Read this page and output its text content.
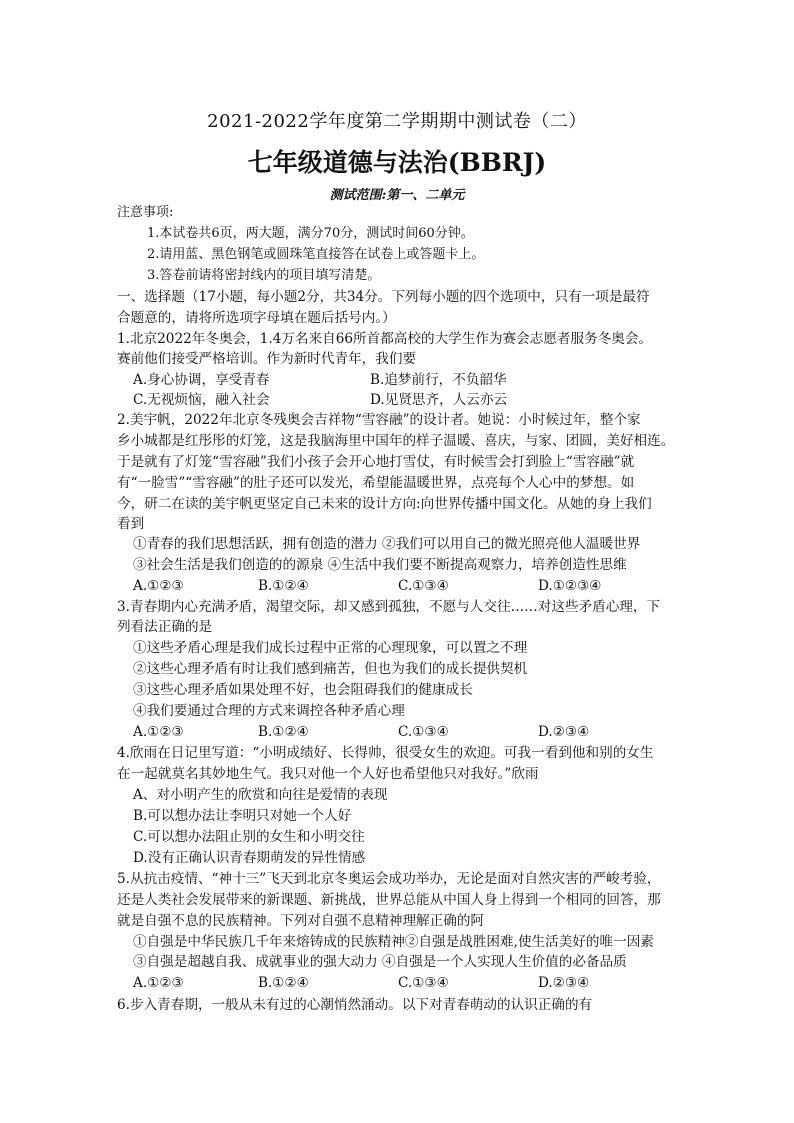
2021-2022学年度第二学期期中测试卷（二）
七年级道德与法治(BBRJ)
测试范围:第一、二单元
注意事项:
1.本试卷共6页，两大题，满分70分，测试时间60分钟。
2.请用蓝、黑色钢笔或圆珠笔直接答在试卷上或答题卡上。
3.答卷前请将密封线内的项目填写清楚。
一、选择题（17小题，每小题2分，共34分。下列每小题的四个选项中，只有一项是最符
合题意的，请将所选项字母填在题后括号内。）
1.北京2022年冬奥会，1.4万名来自66所首都高校的大学生作为赛会志愿者服务冬奥会。
赛前他们接受严格培训。作为新时代青年，我们要
A.身心协调，享受青春	B.追梦前行，不负韶华
C.无视烦恼，融入社会	D.见贤思齐，人云亦云
2.美宇帆，2022年北京冬残奥会吉祥物“雪容融”的设计者。她说：小时候过年，整个家
乡小城都是红彤彤的灯笼，这是我脑海里中国年的样子温暖、喜庆，与家、团圆，美好相连。
于是就有了灯笼“雪容融”我们小孩子会开心地打雪仗，有时候雪会打到脸上“雪容融”就
有“一脸雪”“雪容融”的肚子还可以发光，希望能温暖世界，点亮每个人心中的梦想。如
今，研二在读的美宇帆更坚定自己未来的设计方向:向世界传播中国文化。从她的身上我们
看到
①青春的我们思想活跃，拥有创造的潜力 ②我们可以用自己的微光照亮他人温暖世界
③社会生活是我们创造的的源泉 ④生活中我们要不断提高观察力，培养创造性思维
A.①②③	B.①②④	C.①③④	D.①②③④
3.青春期内心充满矛盾，渴望交际，却又感到孤独，不愿与人交往……对这些矛盾心理，下
列看法正确的是
①这些矛盾心理是我们成长过程中正常的心理现象，可以置之不理
②这些心理矛盾有时让我们感到痛苦，但也为我们的成长提供契机
③这些心理矛盾如果处理不好，也会阻碍我们的健康成长
④我们要通过合理的方式来调控各种矛盾心理
A.①②③	B.①②④	C.①③④	D.②③④
4.欣雨在日记里写道：“小明成绩好、长得帅，很受女生的欢迎。可我一看到他和别的女生
在一起就莫名其妙地生气。我只对他一个人好也希望他只对我好。”欣雨
A、对小明产生的欣赏和向往是爱情的表现
B.可以想办法让李明只对她一个人好
C.可以想办法阻止别的女生和小明交往
D.没有正确认识青春期萌发的异性情感
5.从抗击疫情、“神十三”飞天到北京冬奥运会成功举办，无论是面对自然灾害的严峻考验，
还是人类社会发展带来的新课题、新挑战，世界总能从中国人身上得到一个相同的回答，那
就是自强不息的民族精神。下列对自强不息精神理解正确的阿
①自强是中华民族几千年来熔铸成的民族精神②自强是战胜困难,使生活美好的唯一因素
③自强是超越自我、成就事业的强大动力 ④自强是一个人实现人生价值的必备品质
A.①②③	B.①②④	C.①③④	D.②③④
6.步入青春期，一般从未有过的心潮悄然涌动。以下对青春萌动的认识正确的有
